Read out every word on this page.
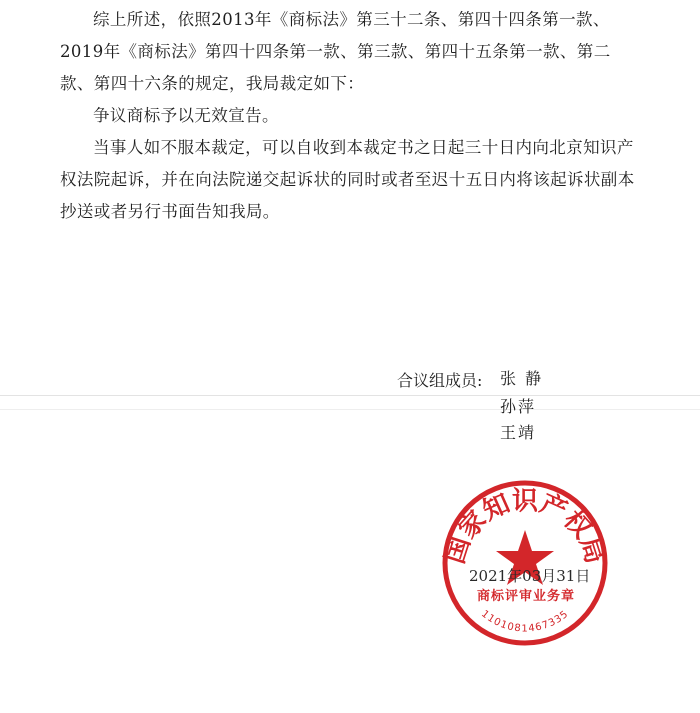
综上所述，依照2013年《商标法》第三十二条、第四十四条第一款、2019年《商标法》第四十四条第一款、第三款、第四十五条第一款、第二款、第四十六条的规定，我局裁定如下：

争议商标予以无效宣告。

当事人如不服本裁定，可以自收到本裁定书之日起三十日内向北京知识产权法院起诉，并在向法院递交起诉状的同时或者至迟十五日内将该起诉状副本抄送或者另行书面告知我局。

合议组成员:	张 静
孙萍
王靖
国家知识产权局
1101081467335
2021年03月31日
商标评审业务章
